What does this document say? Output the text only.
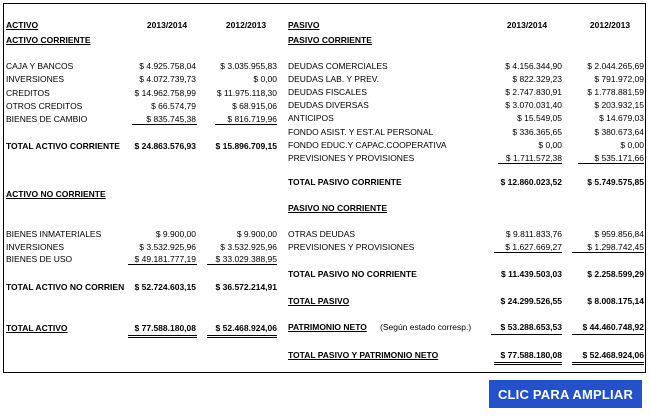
ACTIVO	2013/2014	2012/2013
ACTIVO CORRIENTE
CAJA Y BANCOS	$ 4.925.758,04	$ 3.035.955,83
INVERSIONES	$ 4.072.739,73	$ 0,00
CREDITOS	$ 14.962.758,99	$ 11.975.118,30
OTROS CREDITOS	$ 66.574,79	$ 68.915,06
BIENES DE CAMBIO	$ 835.745,38	$ 816.719,96
TOTAL ACTIVO CORRIENTE	$ 24.863.576,93	$ 15.896.709,15
ACTIVO NO CORRIENTE
BIENES INMATERIALES	$ 9.900,00	$ 9.900,00
INVERSIONES	$ 3.532.925,96	$ 3.532.925,96
BIENES DE USO	$ 49.181.777,19	$ 33.029.388,95
TOTAL ACTIVO NO CORRIEN	$ 52.724.603,15	$ 36.572.214,91
TOTAL ACTIVO	$ 77.588.180,08	$ 52.468.924,06
PASIVO	2013/2014	2012/2013
PASIVO CORRIENTE
DEUDAS COMERCIALES	$ 4.156.344,90	$ 2.044.265,69
DEUDAS LAB. Y PREV.	$ 822.329,23	$ 791.972,09
DEUDAS FISCALES	$ 2.747.830,91	$ 1.778.881,59
DEUDAS DIVERSAS	$ 3.070.031,40	$ 203.932,15
ANTICIPOS	$ 15.549,05	$ 14.679,03
FONDO ASIST. Y EST.AL PERSONAL	$ 336.365,65	$ 380.673,64
FONDO EDUC.Y CAPAC.COOPERATIVA	$ 0,00	$ 0,00
PREVISIONES Y PROVISIONES	$ 1.711.572,38	$ 535.171,66
TOTAL PASIVO CORRIENTE	$ 12.860.023,52	$ 5.749.575,85
PASIVO NO CORRIENTE
OTRAS DEUDAS	$ 9.811.833,76	$ 959.856,84
PREVISIONES Y PROVISIONES	$ 1.627.669,27	$ 1.298.742,45
TOTAL PASIVO NO CORRIENTE	$ 11.439.503,03	$ 2.258.599,29
TOTAL PASIVO	$ 24.299.526,55	$ 8.008.175,14
PATRIMONIO NETO (Según estado corresp.)	$ 53.288.653,53	$ 44.460.748,92
TOTAL PASIVO Y PATRIMONIO NETO	$ 77.588.180,08	$ 52.468.924,06
CLIC PARA AMPLIAR
